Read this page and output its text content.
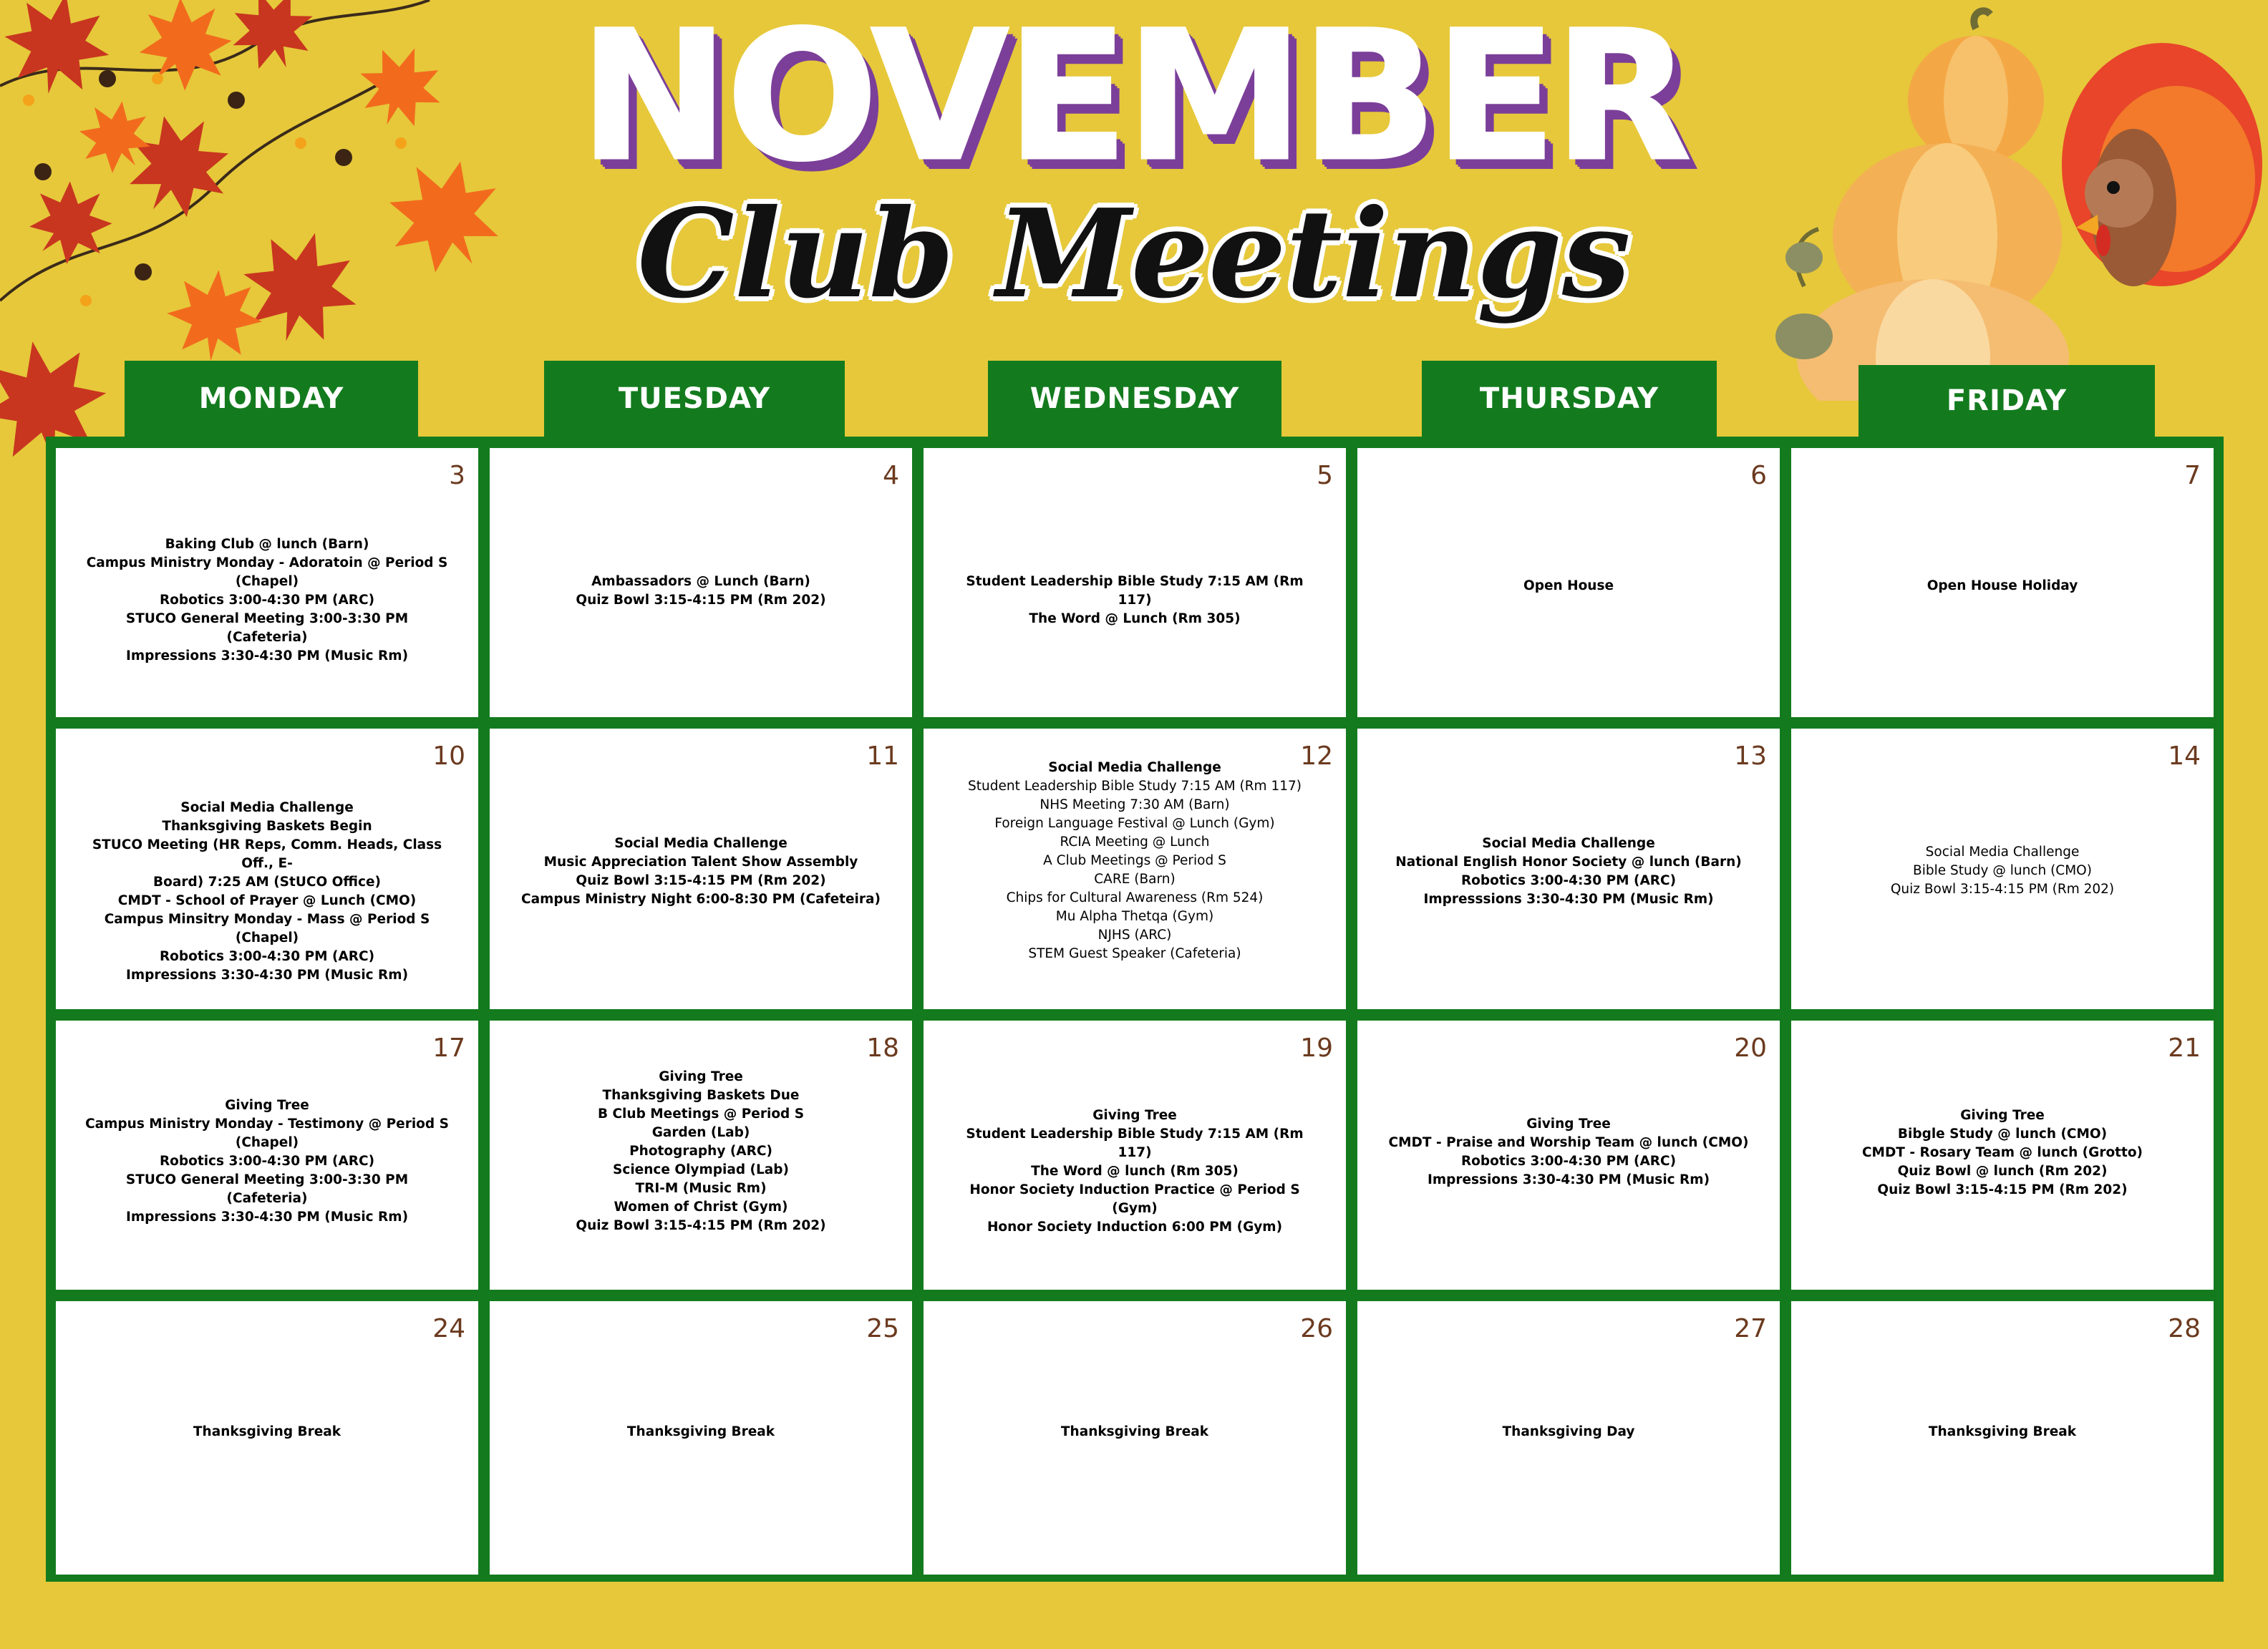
NOVEMBER
Club Meetings
MONDAY	TUESDAY	WEDNESDAY	THURSDAY	FRIDAY
3
Baking Club @ lunch (Barn)
Campus Ministry Monday - Adoratoin @ Period S
(Chapel)
Robotics 3:00-4:30 PM (ARC)
STUCO General Meeting 3:00-3:30 PM (Cafeteria)
Impressions 3:30-4:30 PM (Music Rm)
4
Ambassadors @ Lunch (Barn)
Quiz Bowl 3:15-4:15 PM (Rm 202)
5
Student Leadership Bible Study 7:15 AM (Rm 117)
The Word @ Lunch (Rm 305)
6
Open House
7
Open House Holiday
10
Social Media Challenge
Thanksgiving Baskets Begin
STUCO Meeting (HR Reps, Comm. Heads, Class Off., E-
Board) 7:25 AM (StUCO Office)
CMDT - School of Prayer @ Lunch (CMO)
Campus Minsitry Monday - Mass @ Period S (Chapel)
Robotics 3:00-4:30 PM (ARC)
Impressions 3:30-4:30 PM (Music Rm)
11
Social Media Challenge
Music Appreciation Talent Show Assembly
Quiz Bowl 3:15-4:15 PM (Rm 202)
Campus Ministry Night 6:00-8:30 PM (Cafeteira)
12
Social Media Challenge
Student Leadership Bible Study 7:15 AM (Rm 117)
NHS Meeting 7:30 AM (Barn)
Foreign Language Festival @ Lunch (Gym)
RCIA Meeting @ Lunch
A Club Meetings @ Period S
CARE (Barn)
Chips for Cultural Awareness (Rm 524)
Mu Alpha Thetqa (Gym)
NJHS (ARC)
STEM Guest Speaker (Cafeteria)
13
Social Media Challenge
National English Honor Society @ lunch (Barn)
Robotics 3:00-4:30 PM (ARC)
Impresssions 3:30-4:30 PM (Music Rm)
14
Social Media Challenge
Bible Study @ lunch (CMO)
Quiz Bowl 3:15-4:15 PM (Rm 202)
17
Giving Tree
Campus Ministry Monday - Testimony @ Period S
(Chapel)
Robotics 3:00-4:30 PM (ARC)
STUCO General Meeting 3:00-3:30 PM (Cafeteria)
Impressions 3:30-4:30 PM (Music Rm)
18
Giving Tree
Thanksgiving Baskets Due
B Club Meetings @ Period S
Garden (Lab)
Photography (ARC)
Science Olympiad (Lab)
TRI-M (Music Rm)
Women of Christ (Gym)
Quiz Bowl 3:15-4:15 PM (Rm 202)
19
Giving Tree
Student Leadership Bible Study 7:15 AM (Rm 117)
The Word @ lunch (Rm 305)
Honor Society Induction Practice @ Period S (Gym)
Honor Society Induction 6:00 PM (Gym)
20
Giving Tree
CMDT - Praise and Worship Team @ lunch (CMO)
Robotics 3:00-4:30 PM (ARC)
Impressions 3:30-4:30 PM (Music Rm)
21
Giving Tree
Bibgle Study @ lunch (CMO)
CMDT - Rosary Team @ lunch (Grotto)
Quiz Bowl @ lunch (Rm 202)
Quiz Bowl 3:15-4:15 PM (Rm 202)
24
Thanksgiving Break
25
Thanksgiving Break
26
Thanksgiving Break
27
Thanksgiving Day
28
Thanksgiving Break
